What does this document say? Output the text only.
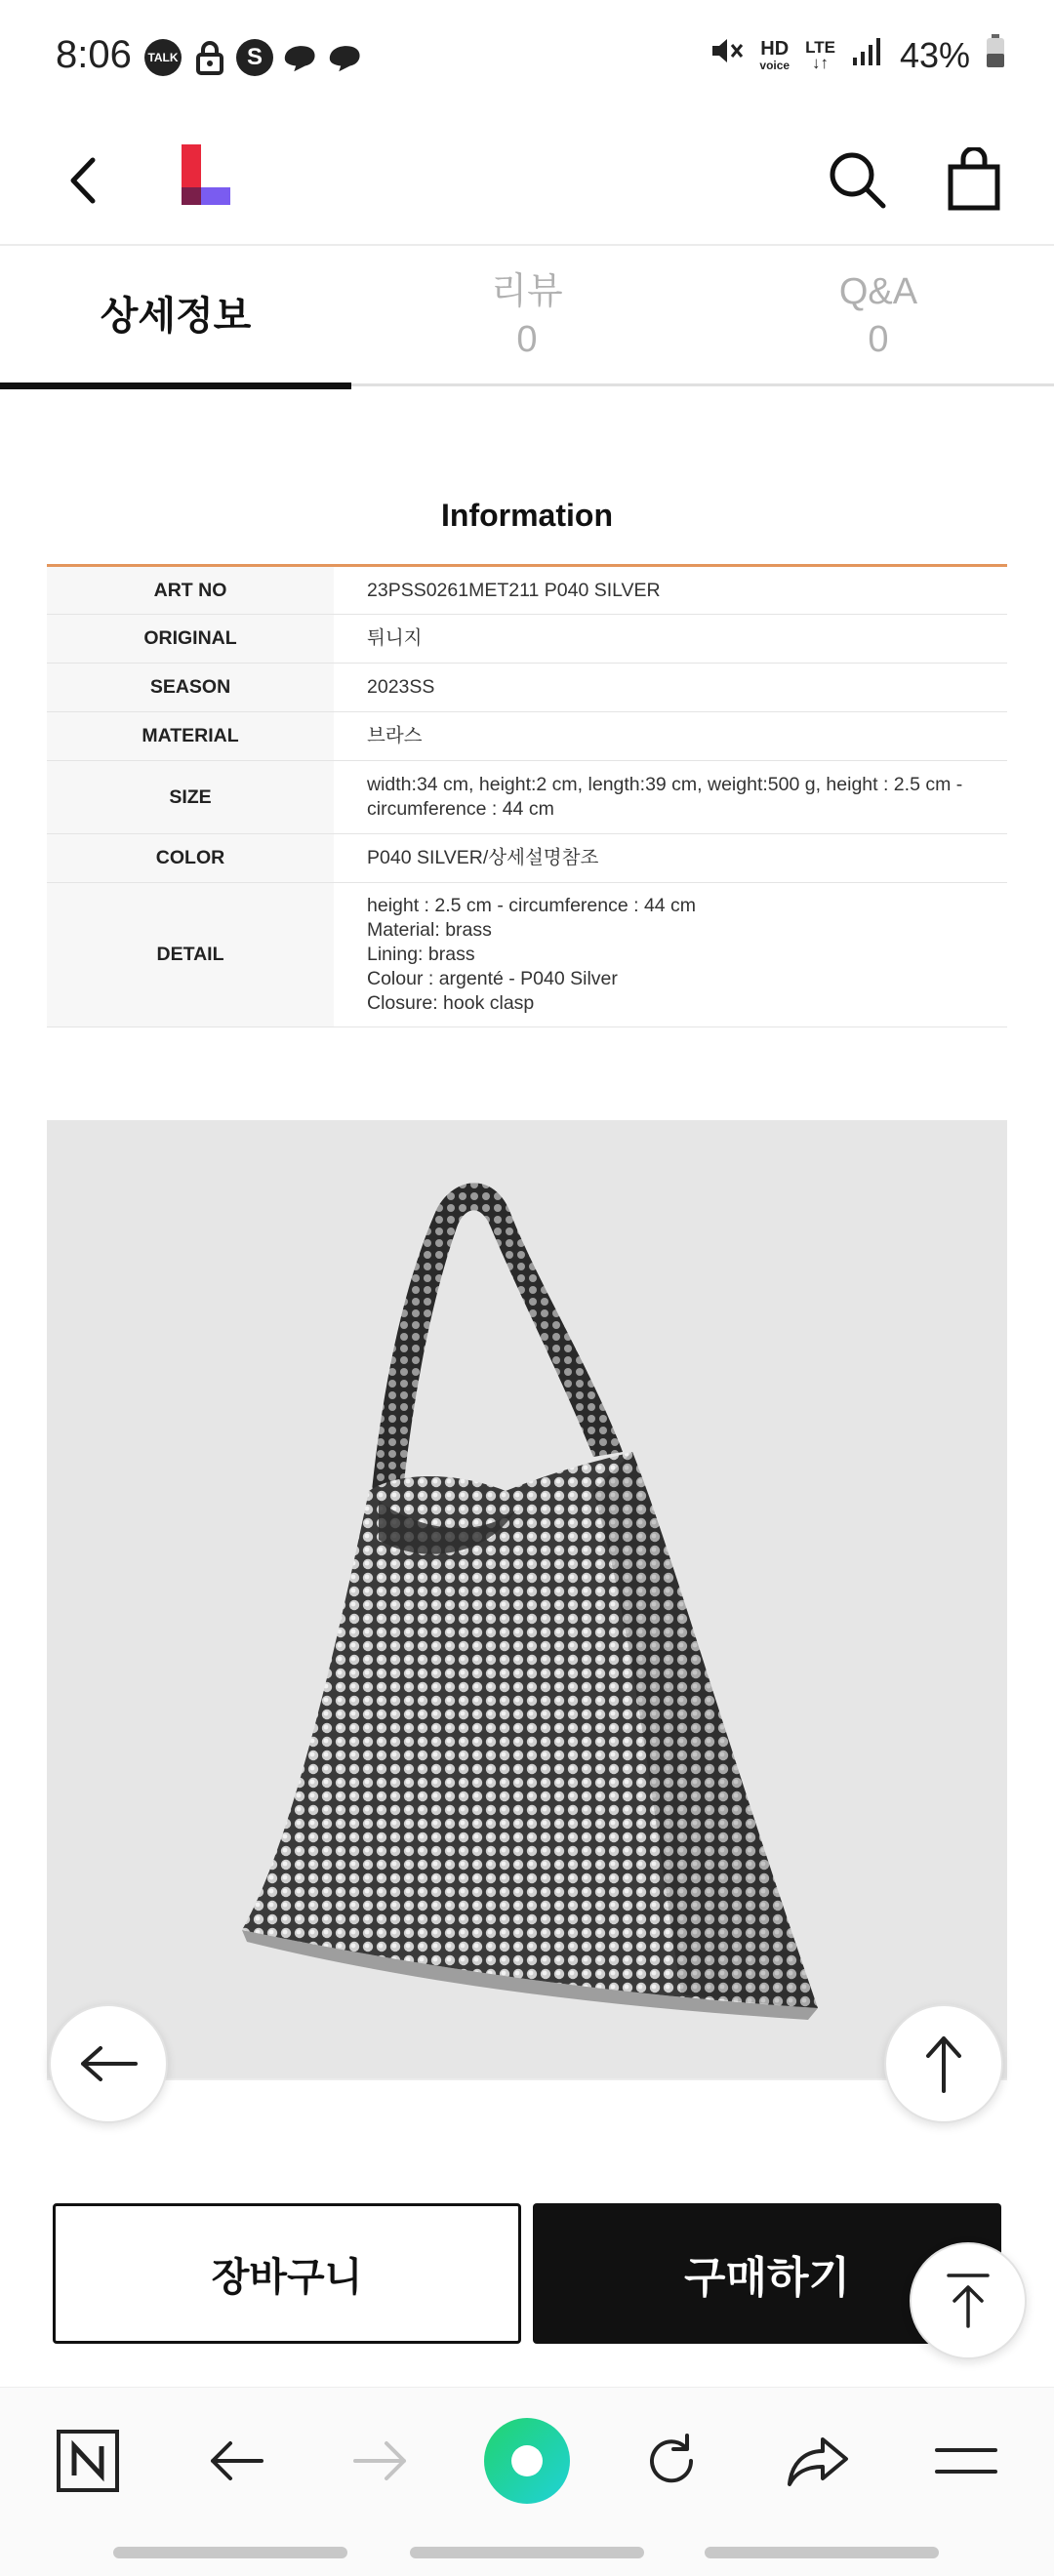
8:06 TALK	S	HD
voice
LTE
↓↑ 43%
상세정보
리뷰
0
Q&A
0
Information
ART NO	23PSS0261MET211 P040 SILVER

ORIGINAL	튀니지

SEASON	2023SS

MATERIAL	브라스

SIZE	width:34 cm, height:2 cm, length:39 cm, weight:500 g, height : 2.5 cm -
circumference : 44 cm

COLOR	P040 SILVER/상세설명참조

DETAIL	height : 2.5 cm - circumference : 44 cm
Material: brass
Lining: brass
Colour : argenté - P040 Silver
Closure: hook clasp
장바구니	구매하기
